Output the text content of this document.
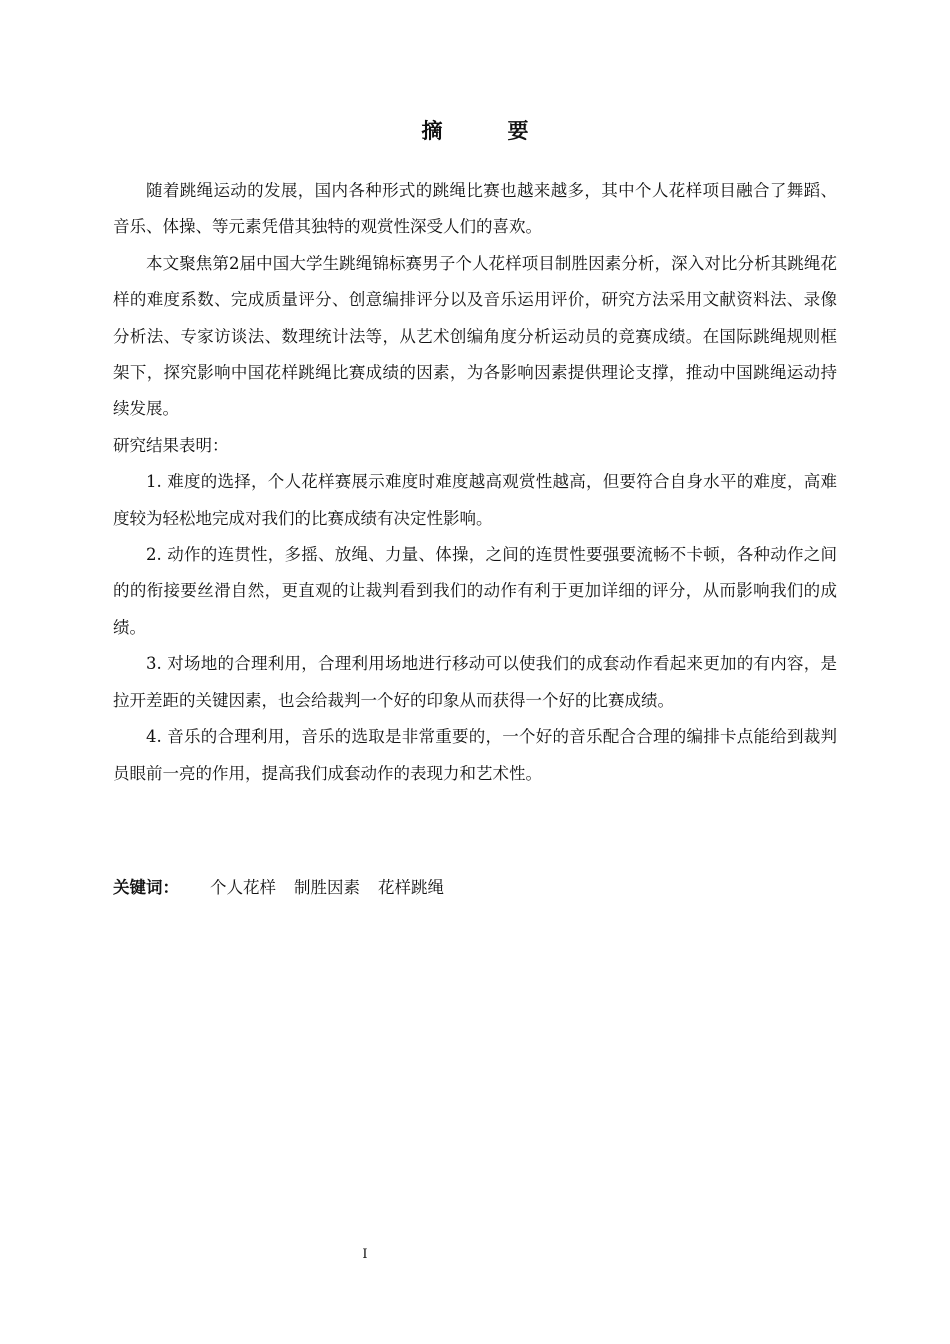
摘　要

随着跳绳运动的发展，国内各种形式的跳绳比赛也越来越多，其中个人花样项目融合了舞蹈、音乐、体操、等元素凭借其独特的观赏性深受人们的喜欢。

本文聚焦第2届中国大学生跳绳锦标赛男子个人花样项目制胜因素分析，深入对比分析其跳绳花样的难度系数、完成质量评分、创意编排评分以及音乐运用评价，研究方法采用文献资料法、录像分析法、专家访谈法、数理统计法等，从艺术创编角度分析运动员的竞赛成绩。在国际跳绳规则框架下，探究影响中国花样跳绳比赛成绩的因素，为各影响因素提供理论支撑，推动中国跳绳运动持续发展。

研究结果表明：

1. 难度的选择，个人花样赛展示难度时难度越高观赏性越高，但要符合自身水平的难度，高难度较为轻松地完成对我们的比赛成绩有决定性影响。

2. 动作的连贯性，多摇、放绳、力量、体操，之间的连贯性要强要流畅不卡顿，各种动作之间的的衔接要丝滑自然，更直观的让裁判看到我们的动作有利于更加详细的评分，从而影响我们的成绩。

3. 对场地的合理利用，合理利用场地进行移动可以使我们的成套动作看起来更加的有内容，是拉开差距的关键因素，也会给裁判一个好的印象从而获得一个好的比赛成绩。

4. 音乐的合理利用，音乐的选取是非常重要的，一个好的音乐配合合理的编排卡点能给到裁判员眼前一亮的作用，提高我们成套动作的表现力和艺术性。

关键词： 个人花样 制胜因素 花样跳绳
I
